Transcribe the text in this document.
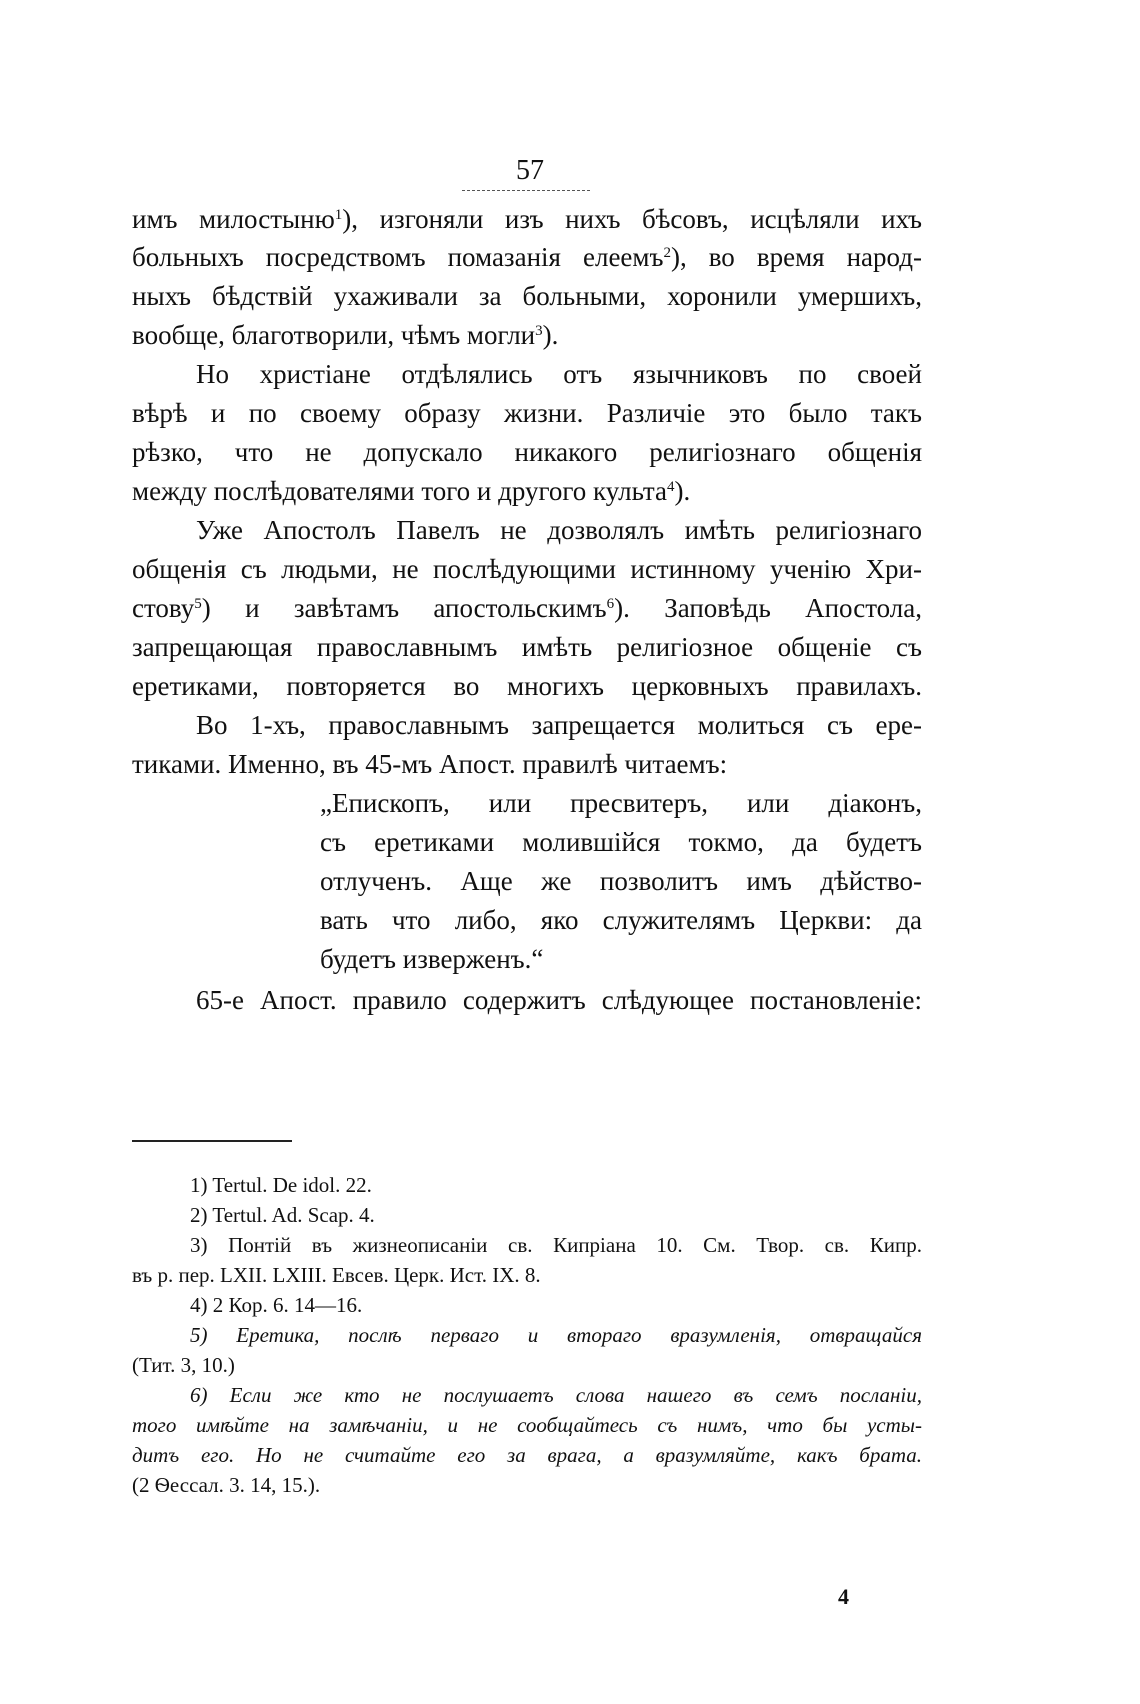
57
имъ милостыню$^1$), изгоняли изъ нихъ бѣсовъ, исцѣляли ихъ
больныхъ посредствомъ помазанія елеемъ$^2$), во время народ-
ныхъ бѣдствій ухаживали за больными, хоронили умершихъ,
вообще, благотворили, чѣмъ могли$^3$).
Но христіане отдѣлялись отъ язычниковъ по своей
вѣрѣ и по своему образу жизни. Различіе это было такъ
рѣзко, что не допускало никакого религіознаго общенія
между послѣдователями того и другого культа$^4$).
Уже Апостолъ Павелъ не дозволялъ имѣть религіознаго
общенія съ людьми, не послѣдующими истинному ученію Хри-
стову$^5$) и завѣтамъ апостольскимъ$^6$). Заповѣдь Апостола,
запрещающая православнымъ имѣть религіозное общеніе съ
еретиками, повторяется во многихъ церковныхъ правилахъ.
Во 1-хъ, православнымъ запрещается молиться съ ере-
тиками. Именно, въ 45-мъ Апост. правилѣ читаемъ:
„Епископъ, или пресвитеръ, или діаконъ,
съ еретиками молившійся токмо, да будетъ
отлученъ. Аще же позволитъ имъ дѣйство-
вать что либо, яко служителямъ Церкви: да
будетъ изверженъ.“
65-е Апост. правило содержитъ слѣдующее постановленіе:
1) Tertul. De idol. 22.
2) Tertul. Ad. Scap. 4.
3) Понтій въ жизнеописаніи св. Кипріана 10. См. Твор. св. Кипр.
въ р. пер. LXII. LXIII. Евсев. Церк. Ист. IX. 8.
4) 2 Кор. 6. 14—16.
5) Еретика, послѣ перваго и втораго вразумленія, отвращайся
(Тит. 3, 10.)
6) Если же кто не послушаетъ слова нашего въ семъ посланіи,
того имѣйте на замѣчаніи, и не сообщайтесь съ нимъ, что бы усты-
дитъ его. Но не считайте его за врага, а вразумляйте, какъ брата.
(2 Ѳессал. 3. 14, 15.).
4
